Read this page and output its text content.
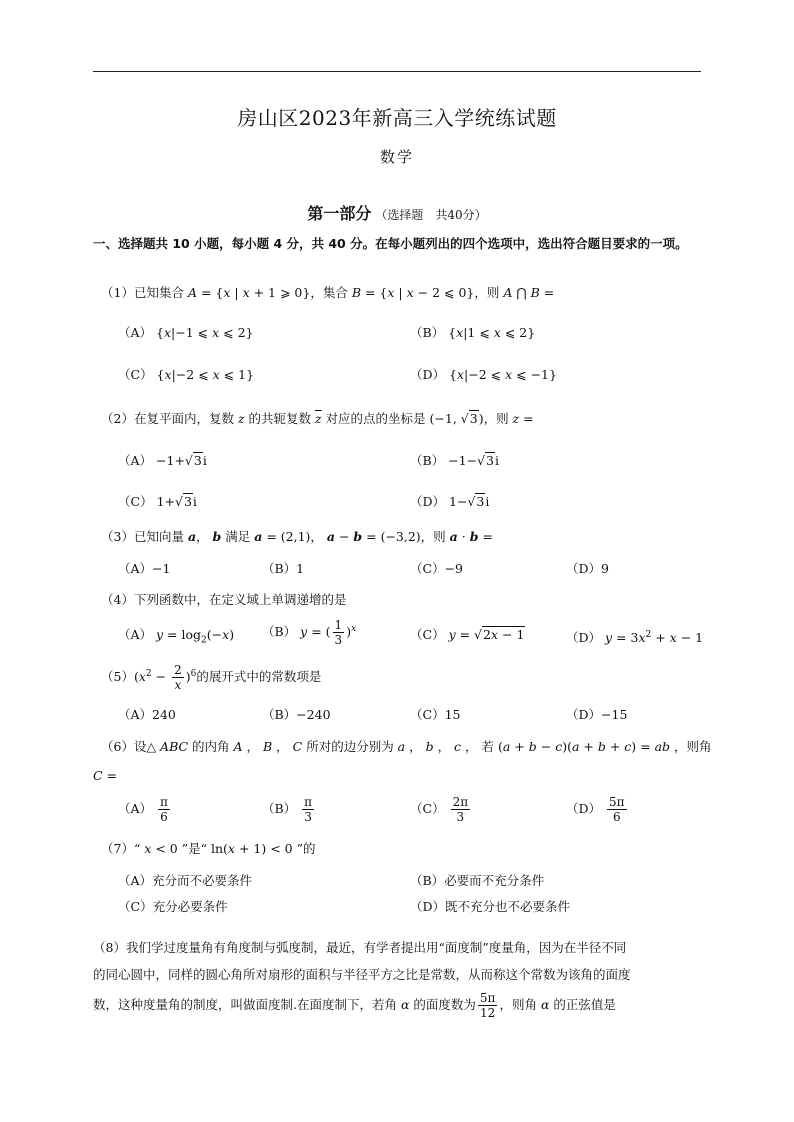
房山区2023年新高三入学统练试题
数学
第一部分 （选择题　共40分）
一、选择题共 10 小题，每小题 4 分，共 40 分。在每小题列出的四个选项中，选出符合题目要求的一项。
（1）已知集合 A = {x | x + 1 ⩾ 0}，集合 B = {x | x − 2 ⩽ 0}，则 A ⋂ B =
（A） {x|−1 ⩽ x ⩽ 2}	（B） {x|1 ⩽ x ⩽ 2}
（C） {x|−2 ⩽ x ⩽ 1}	（D） {x|−2 ⩽ x ⩽ −1}
（2）在复平面内，复数 z 的共轭复数 $\overline{z}$ 对应的点的坐标是 (−1, √3)，则 z =
（A） −1+√3i	（B） −1−√3i
（C） 1+√3i	（D） 1−√3i
（3）已知向量 a， b 满足 a = (2,1)， a − b = (−3,2)，则 a · b =
（A）−1	（B）1	（C）−9	（D）9
（4）下列函数中，在定义域上单调递增的是
（A） $y = \log_2(-x)$ （B） y = ( $\frac{1}{3} )^x$	（C） y = √2x − 1	（D） $y = 3x^2 + x - 1$
$(5)(x^2 - \frac{2}{x} )^6$的展开式中的常数项是
（A）240	（B）−240	（C）15	（D）−15
（6）设△ ABC 的内角 A ， B ， C 所对的边分别为 a ， b ， c ， 若 (a + b − c)(a + b + c) = ab ，则角
C =
$(A) \frac{\pi}{6}$	$(B) \frac{\pi}{3}$	$(C) \frac{2\pi}{3}$	$(D) \frac{5\pi}{6}$
（7）“ x < 0 ”是“ ln(x + 1) < 0 ”的
（A）充分而不必要条件	（B）必要而不充分条件
（C）充分必要条件	（D）既不充分也不必要条件
（8）我们学过度量角有角度制与弧度制，最近，有学者提出用“面度制”度量角，因为在半径不同
的同心圆中，同样的圆心角所对扇形的面积与半径平方之比是常数，从而称这个常数为该角的面度
数，这种度量角的制度，叫做面度制.在面度制下，若角 α 的面度数为 $\frac{5\pi}{12}$ ，则角 α 的正弦值是
